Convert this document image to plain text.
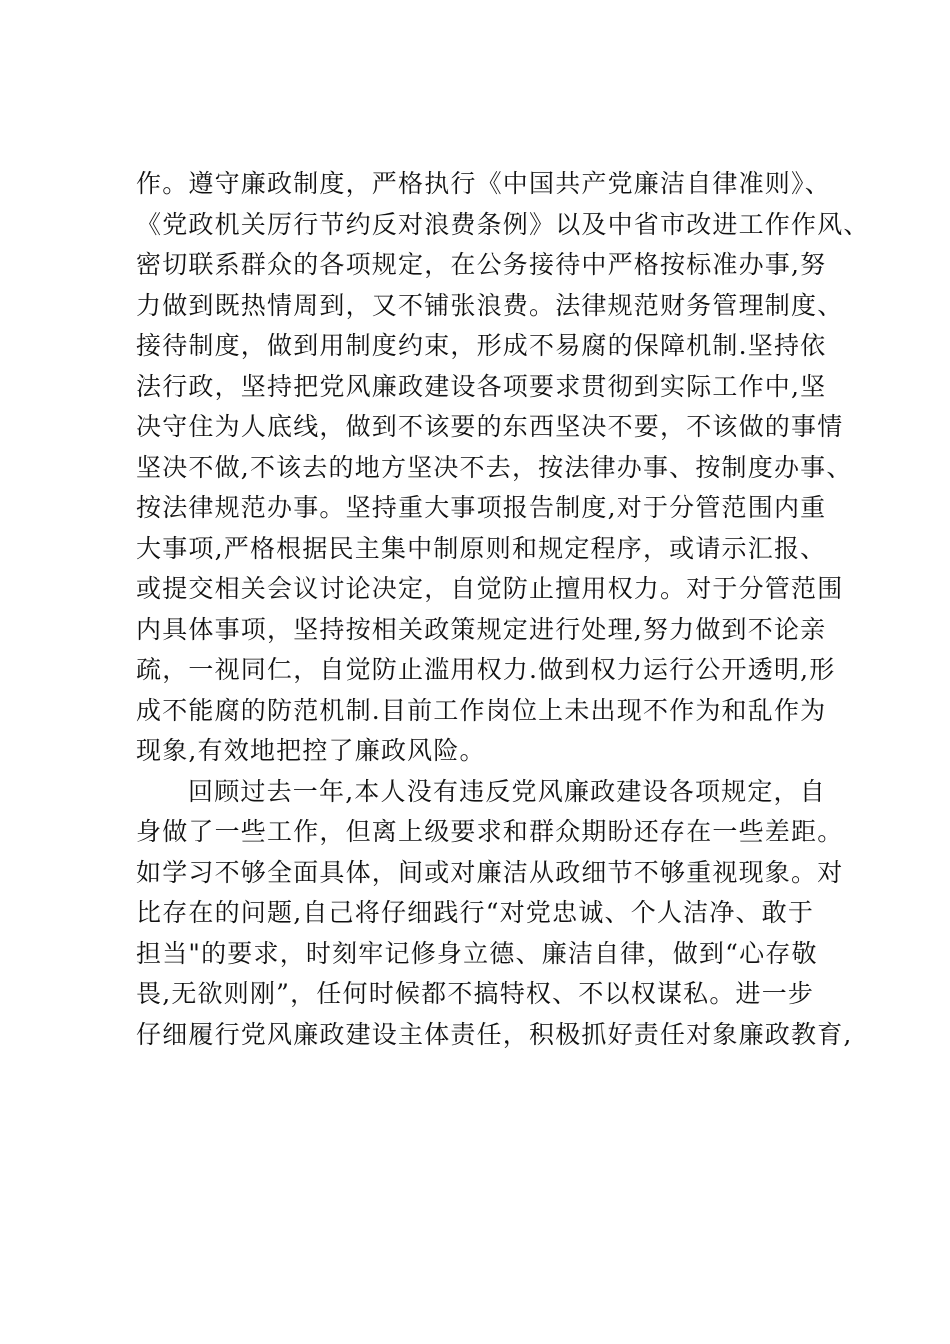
作。遵守廉政制度，严格执行《中国共产党廉洁自律准则》、
《党政机关厉行节约反对浪费条例》以及中省市改进工作作风、
密切联系群众的各项规定，在公务接待中严格按标准办事,努
力做到既热情周到，又不铺张浪费。法律规范财务管理制度、
接待制度，做到用制度约束，形成不易腐的保障机制.坚持依
法行政，坚持把党风廉政建设各项要求贯彻到实际工作中,坚
决守住为人底线，做到不该要的东西坚决不要，不该做的事情
坚决不做,不该去的地方坚决不去，按法律办事、按制度办事、
按法律规范办事。坚持重大事项报告制度,对于分管范围内重
大事项,严格根据民主集中制原则和规定程序，或请示汇报、
或提交相关会议讨论决定，自觉防止擅用权力。对于分管范围
内具体事项，坚持按相关政策规定进行处理,努力做到不论亲
疏，一视同仁，自觉防止滥用权力.做到权力运行公开透明,形
成不能腐的防范机制.目前工作岗位上未出现不作为和乱作为
现象,有效地把控了廉政风险。
回顾过去一年,本人没有违反党风廉政建设各项规定，自
身做了一些工作，但离上级要求和群众期盼还存在一些差距。
如学习不够全面具体，间或对廉洁从政细节不够重视现象。对
比存在的问题,自己将仔细践行“对党忠诚、个人洁净、敢于
担当"的要求，时刻牢记修身立德、廉洁自律，做到“心存敬
畏,无欲则刚”，任何时候都不搞特权、不以权谋私。进一步
仔细履行党风廉政建设主体责任，积极抓好责任对象廉政教育,
